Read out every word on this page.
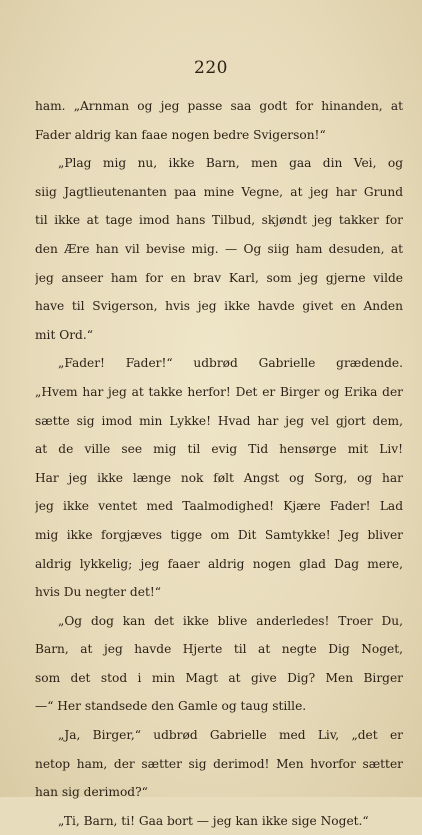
220
ham. „Arnman og jeg passe saa godt for hinanden, at
Fader aldrig kan faae nogen bedre Svigerson!“
„Plag mig nu, ikke Barn, men gaa din Vei, og
siig Jagtlieutenanten paa mine Vegne, at jeg har Grund
til ikke at tage imod hans Tilbud, skjøndt jeg takker for
den Ære han vil bevise mig. — Og siig ham desuden, at
jeg anseer ham for en brav Karl, som jeg gjerne vilde
have til Svigerson, hvis jeg ikke havde givet en Anden
mit Ord.“
„Fader! Fader!“ udbrød Gabrielle grædende.
„Hvem har jeg at takke herfor! Det er Birger og Erika der
sætte sig imod min Lykke! Hvad har jeg vel gjort dem,
at de ville see mig til evig Tid hensørge mit Liv!
Har jeg ikke længe nok følt Angst og Sorg, og har
jeg ikke ventet med Taalmodighed! Kjære Fader! Lad
mig ikke forgjæves tigge om Dit Samtykke! Jeg bliver
aldrig lykkelig; jeg faaer aldrig nogen glad Dag mere,
hvis Du negter det!“
„Og dog kan det ikke blive anderledes! Troer Du,
Barn, at jeg havde Hjerte til at negte Dig Noget,
som det stod i min Magt at give Dig? Men Birger
—“ Her standsede den Gamle og taug stille.
„Ja, Birger,“ udbrød Gabrielle med Liv, „det er
netop ham, der sætter sig derimod! Men hvorfor sætter
han sig derimod?“
„Ti, Barn, ti! Gaa bort — jeg kan ikke sige Noget.“
